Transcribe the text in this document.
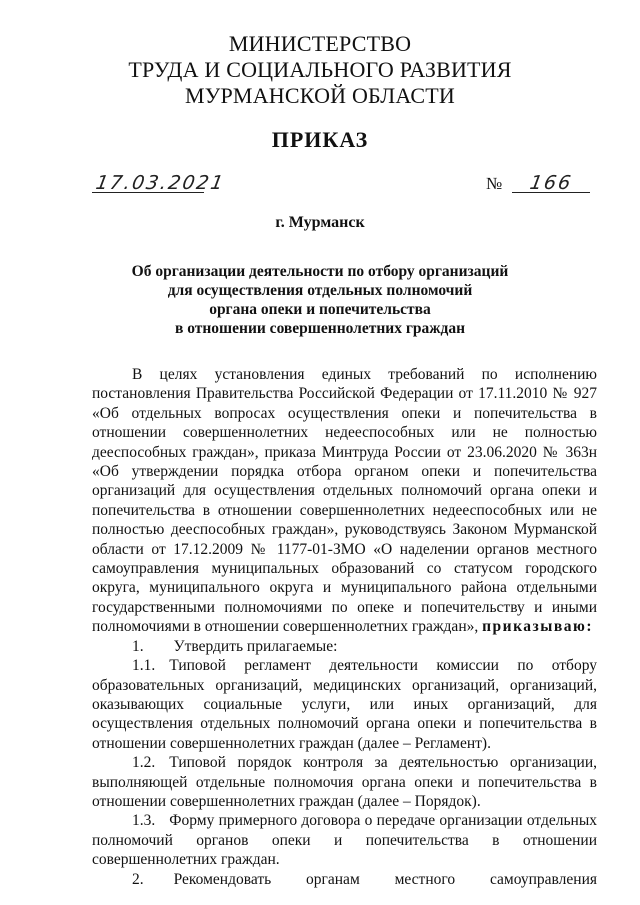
МИНИСТЕРСТВО
ТРУДА И СОЦИАЛЬНОГО РАЗВИТИЯ
МУРМАНСКОЙ ОБЛАСТИ
ПРИКАЗ
17.03.2021	№ 166
г. Мурманск
Об организации деятельности по отбору организаций
для осуществления отдельных полномочий
органа опеки и попечительства
в отношении совершеннолетних граждан

В целях установления единых требований по исполнению постановления Правительства Российской Федерации от 17.11.2010 № 927 «Об отдельных вопросах осуществления опеки и попечительства в отношении совершеннолетних недееспособных или не полностью дееспособных граждан», приказа Минтруда России от 23.06.2020 № 363н «Об утверждении порядка отбора органом опеки и попечительства организаций для осуществления отдельных полномочий органа опеки и попечительства в отношении совершеннолетних недееспособных или не полностью дееспособных граждан», руководствуясь Законом Мурманской области от 17.12.2009 № 1177-01-ЗМО «О наделении органов местного самоуправления муниципальных образований со статусом городского округа, муниципального округа и муниципального района отдельными государственными полномочиями по опеке и попечительству и иными полномочиями в отношении совершеннолетних граждан», приказываю:

1. Утвердить прилагаемые:

1.1. Типовой регламент деятельности комиссии по отбору образовательных организаций, медицинских организаций, организаций, оказывающих социальные услуги, или иных организаций, для осуществления отдельных полномочий органа опеки и попечительства в отношении совершеннолетних граждан (далее – Регламент).

1.2. Типовой порядок контроля за деятельностью организации, выполняющей отдельные полномочия органа опеки и попечительства в отношении совершеннолетних граждан (далее – Порядок).

1.3. Форму примерного договора о передаче организации отдельных полномочий органов опеки и попечительства в отношении совершеннолетних граждан.

2. Рекомендовать органам местного самоуправления
